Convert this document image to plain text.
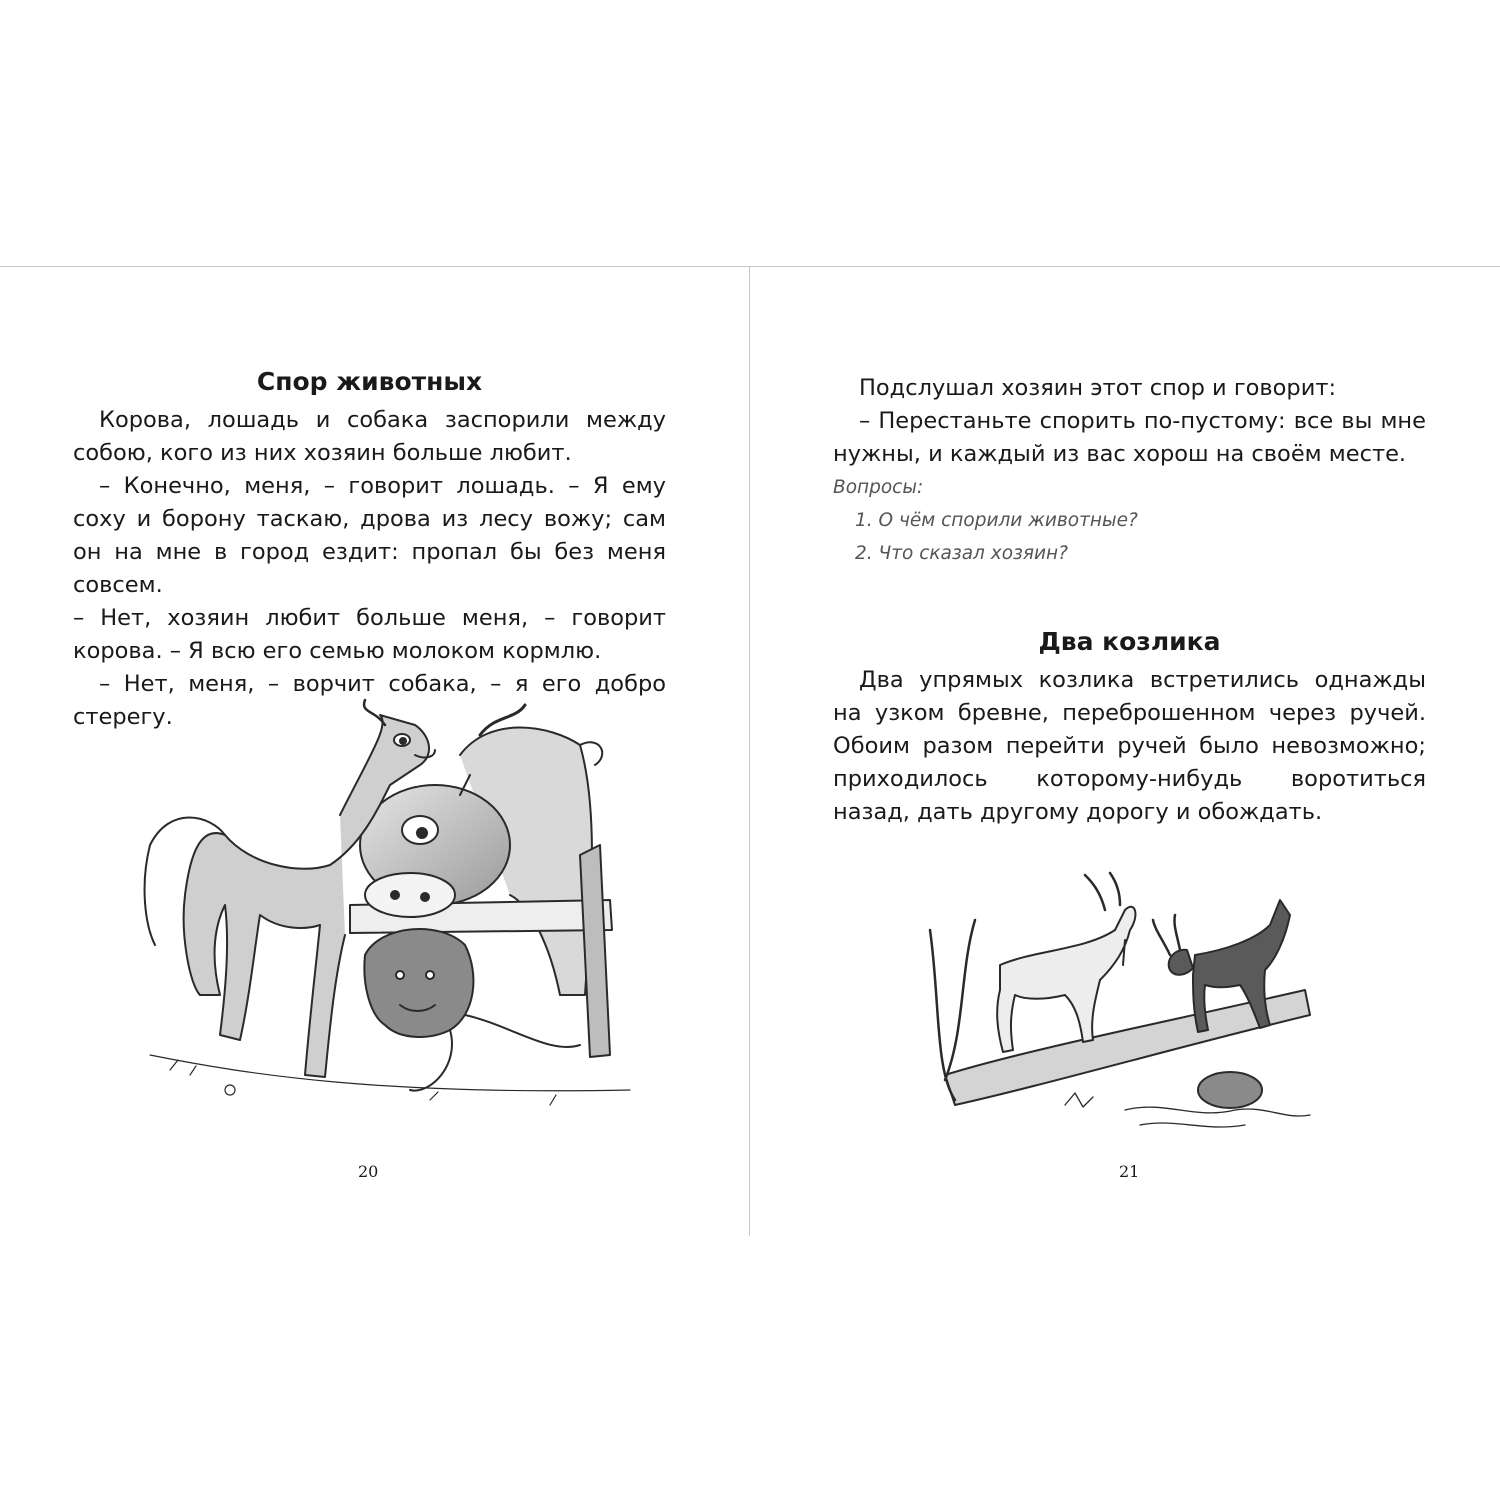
Спор животных

Корова, лошадь и собака заспорили между собою, кого из них хозяин больше любит.

– Конечно, меня, – говорит лошадь. – Я ему соху и борону таскаю, дрова из лесу вожу; сам он на мне в город ездит: пропал бы без меня совсем.

– Нет, хозяин любит больше меня, – говорит корова. – Я всю его семью молоком кормлю.

– Нет, меня, – ворчит собака, – я его добро стерегу.

20

Подслушал хозяин этот спор и говорит:

– Перестаньте спорить по-пустому: все вы мне нужны, и каждый из вас хорош на своём месте.

Вопросы:

1. О чём спорили животные?

2. Что сказал хозяин?

Два козлика

Два упрямых козлика встретились однажды на узком бревне, переброшенном через ручей. Обоим разом перейти ручей было невозможно; приходилось которому-нибудь воротиться назад, дать другому дорогу и обождать.

21
